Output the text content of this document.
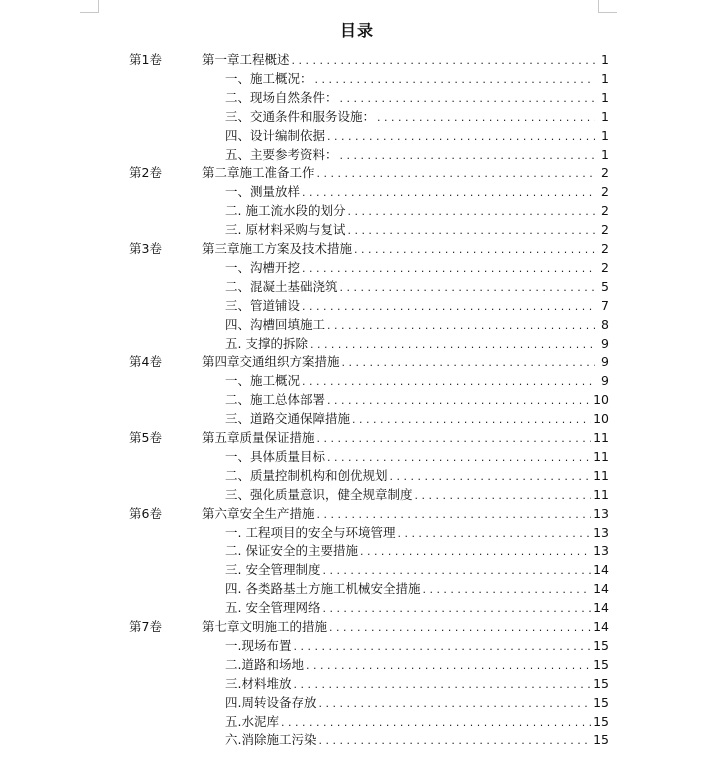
目录
第1卷	第一章工程概述 . . .	1
一、施工概况： . . .	1
二、现场自然条件： . . .	1
三、交通条件和服务设施： . . .	1
四、设计编制依据 . . .	1
五、主要参考资料： . . .	1
第2卷	第二章施工准备工作 . . .	2
一、测量放样 . . .	2
二. 施工流水段的划分 . . .	2
三. 原材料采购与复试 . . .	2
第3卷	第三章施工方案及技术措施 . . .	2
一、沟槽开挖 . . .	2
二、混凝土基础浇筑 . . .	5
三、管道铺设 . . .	7
四、沟槽回填施工 . . .	8
五. 支撑的拆除 . . .	9
第4卷	第四章交通组织方案措施 . . .	9
一、施工概况 . . .	9
二、施工总体部署 . . .	10
三、道路交通保障措施 . . .	10
第5卷	第五章质量保证措施 . . .	11
一、具体质量目标 . . .	11
二、质量控制机构和创优规划 . . .	11
三、强化质量意识，健全规章制度 . . .	11
第6卷	第六章安全生产措施 . . .	13
一. 工程项目的安全与环境管理 . . .	13
二. 保证安全的主要措施 . . .	13
三. 安全管理制度 . . .	14
四. 各类路基土方施工机械安全措施 . . .	14
五. 安全管理网络 . . .	14
第7卷	第七章文明施工的措施 . . .	14
一.现场布置 . . .	15
二.道路和场地 . . .	15
三.材料堆放 . . .	15
四.周转设备存放 . . .	15
五.水泥库 . . .	15
六.消除施工污染 . . .	15
